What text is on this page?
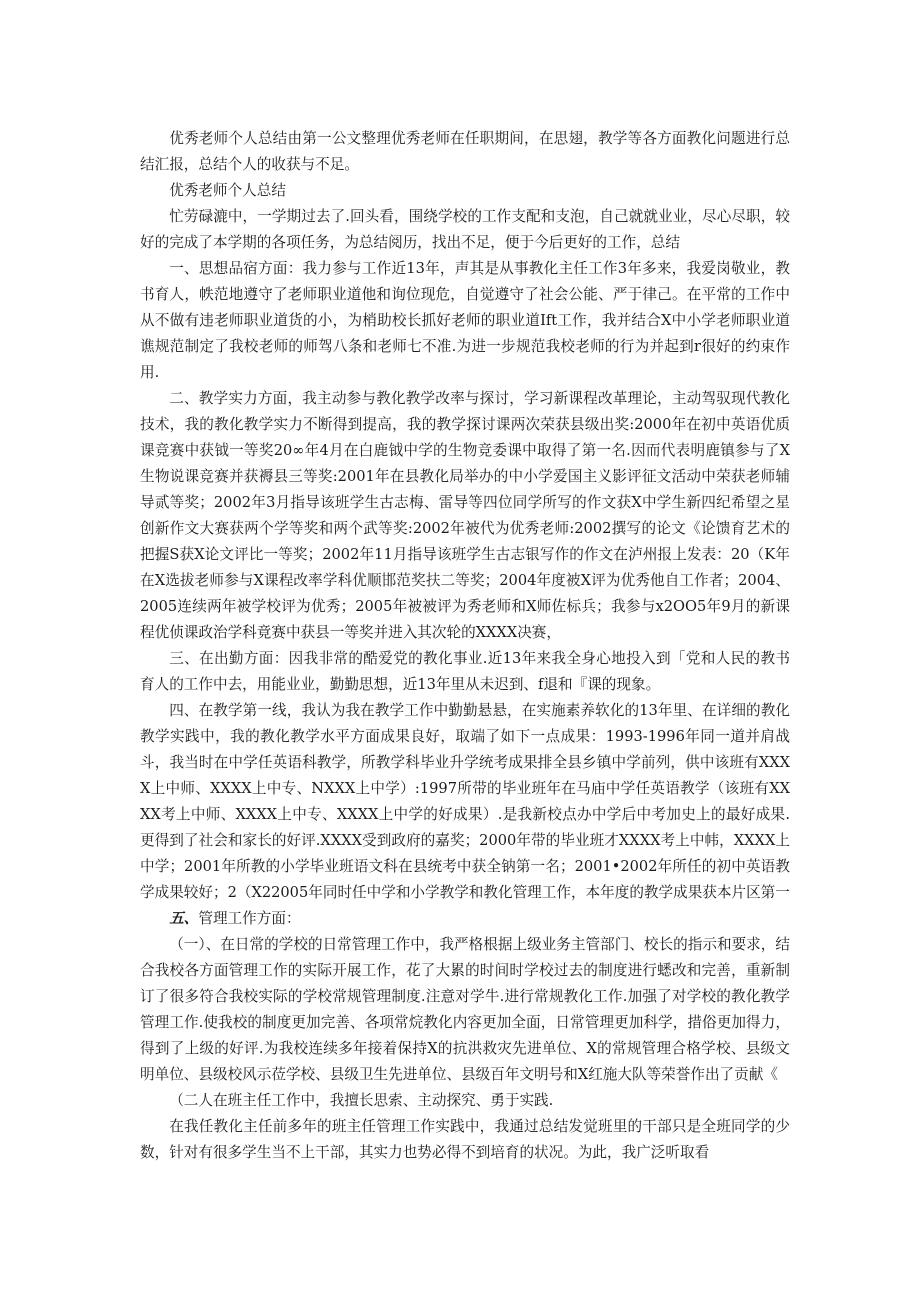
优秀老师个人总结由第一公文整理优秀老师在任职期间，在思翅，教学等各方面教化问题进行总结汇报，总结个人的收获与不足。

优秀老师个人总结

忙劳碌漉中，一学期过去了.回头看，围绕学校的工作支配和支泡，自己就就业业，尽心尽职，较好的完成了本学期的各项任务，为总结阅历，找出不足，便于今后更好的工作，总结

一、思想品宿方面：我力参与工作近13年，声其是从事教化主任工作3年多来，我爱岗敬业，教书育人，帙范地遵守了老师职业道他和询位现危，自觉遵守了社会公能、严于律己。在平常的工作中从不做有违老师职业道货的小，为梢助校长抓好老师的职业道Ift工作，我并结合X中小学老师职业道谯规范制定了我校老师的师驾八条和老师七不准.为进一步规范我校老师的行为并起到r很好的约束作用.

二、教学实力方面，我主动参与教化教学改率与探讨，学习新课程改革理论，主动驾驭现代教化技术，我的教化教学实力不断得到提高，我的教学探讨课两次荣获县级出奖:2000年在初中英语优质课竞赛中获钺一等奖20∞年4月在白鹿钺中学的生物竞委课中取得了第一名.因而代表明鹿镇参与了X生物说课竞赛并获褥县三等奖:2001年在县教化局举办的中小学爱国主义影评征文活动中荣获老师辅导贰等奖；2002年3月指导该班学生古志梅、雷导等四位同学所写的作文获X中学生新四纪希望之星创新作文大赛获两个学等奖和两个武等奖:2002年被代为优秀老师:2002撰写的论文《论馈育艺术的把握S获X论文评比一等奖；2002年11月指导该班学生古志银写作的作文在泸州报上发表：20（K年在X选拔老师参与X课程改率学科优顺邯范奖扶二等奖；2004年度被X评为优秀他自工作者；2004、2005连续两年被学校评为优秀；2005年被被评为秀老师和X师佐标兵；我参与x2OO5年9月的新课程优侦课政治学科竟赛中获县一等奖并进入其次轮的XXXX决赛，

三、在出勤方面：因我非常的酷爱党的教化事业.近13年来我全身心地投入到「党和人民的教书育人的工作中去，用能业业，勤勤思想，近13年里从未迟到、f退和『课的现象。

四、在教学第一线，我认为我在教学工作中勤勤悬悬，在实施素养软化的13年里、在详细的教化教学实践中，我的教化教学水平方面成果良好，取端了如下一点成果：1993-1996年同一道并肩战斗，我当时在中学任英语科教学，所教学科毕业升学统考成果排全县乡镇中学前列，供中该班有XXXX上中师、XXXX上中专、NXXX上中学）:1997所带的毕业班年在马庙中学任英语教学（该班有XXXX考上中师、XXXX上中专、XXXX上中学的好成果）.是我新校点办中学后中考加史上的最好成果.更得到了社会和家长的好评.XXXX受到政府的嘉奖；2000年带的毕业班才XXXX考上中帏，XXXX上中学；2001年所教的小学毕业班语文科在县统考中获全钠第一名；2001•2002年所任的初中英语教学成果较好；2（X22005年同时任中学和小学教学和教化管理工作，本年度的教学成果获本片区第一

五、管理工作方面：

（一）、在日常的学校的日常管理工作中，我严格根据上级业务主管部门、校长的指示和要求，结合我校各方面管理工作的实际开展工作，花了大累的时间时学校过去的制度进行蟋改和完善，重新制订了很多符合我校实际的学校常规管理制度.注意对学牛.进行常规教化工作.加强了对学校的教化教学管理工作.使我校的制度更加完善、各项常烷教化内容更加全面，日常管理更加科学，措俗更加得力，得到了上级的好评.为我校连续多年接着保持X的抗洪救灾先进单位、X的常规管理合格学校、县级文明单位、县级校风示莅学校、县级卫生先进单位、县级百年文明号和X红施大队等荣誉作出了贡献《

（二人在班主任工作中，我擅长思索、主动探究、勇于实践.

在我任教化主任前多年的班主任管理工作实践中，我通过总结发觉班里的干部只是全班同学的少数，针对有很多学生当不上干部，其实力也势必得不到培育的状况。为此，我广泛听取看
